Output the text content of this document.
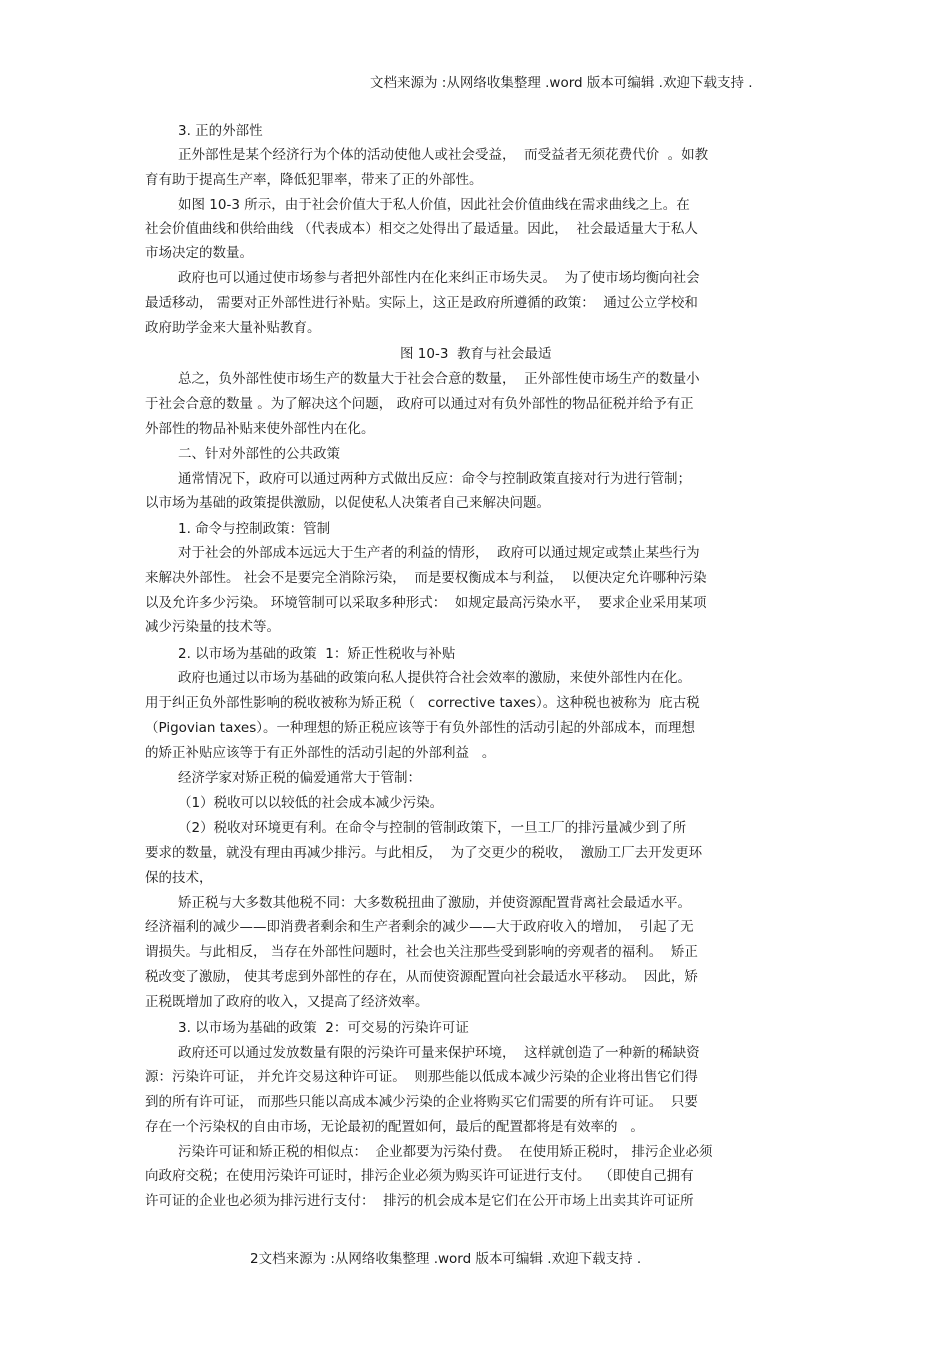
文档来源为 :从网络收集整理 .word 版本可编辑 .欢迎下载支持 .
3. 正的外部性
正外部性是某个经济行为个体的活动使他人或社会受益，  而受益者无须花费代价  。如教
育有助于提高生产率，降低犯罪率，带来了正的外部性。
如图 10-3 所示，由于社会价值大于私人价值，因此社会价值曲线在需求曲线之上。在
社会价值曲线和供给曲线 （代表成本）相交之处得出了最适量。因此，  社会最适量大于私人
市场决定的数量。
政府也可以通过使市场参与者把外部性内在化来纠正市场失灵。  为了使市场均衡向社会
最适移动， 需要对正外部性进行补贴。实际上，这正是政府所遵循的政策：  通过公立学校和
政府助学金来大量补贴教育。
图 10-3  教育与社会最适
总之，负外部性使市场生产的数量大于社会合意的数量，  正外部性使市场生产的数量小
于社会合意的数量 。为了解决这个问题， 政府可以通过对有负外部性的物品征税并给予有正
外部性的物品补贴来使外部性内在化。
二、针对外部性的公共政策
通常情况下，政府可以通过两种方式做出反应：命令与控制政策直接对行为进行管制；
以市场为基础的政策提供激励，以促使私人决策者自己来解决问题。
1. 命令与控制政策：管制
对于社会的外部成本远远大于生产者的利益的情形，  政府可以通过规定或禁止某些行为
来解决外部性。 社会不是要完全消除污染，  而是要权衡成本与利益，  以便决定允许哪种污染
以及允许多少污染。 环境管制可以采取多种形式：  如规定最高污染水平，  要求企业采用某项
减少污染量的技术等。
2. 以市场为基础的政策  1：矫正性税收与补贴
政府也通过以市场为基础的政策向私人提供符合社会效率的激励，来使外部性内在化。
用于纠正负外部性影响的税收被称为矫正税（   corrective taxes）。这种税也被称为  庇古税
（Pigovian taxes）。一种理想的矫正税应该等于有负外部性的活动引起的外部成本，而理想
的矫正补贴应该等于有正外部性的活动引起的外部利益   。
经济学家对矫正税的偏爱通常大于管制：
（1）税收可以以较低的社会成本减少污染。
（2）税收对环境更有利。在命令与控制的管制政策下，一旦工厂的排污量减少到了所
要求的数量，就没有理由再减少排污。与此相反，  为了交更少的税收，  激励工厂去开发更环
保的技术，
矫正税与大多数其他税不同：大多数税扭曲了激励，并使资源配置背离社会最适水平。
经济福利的减少——即消费者剩余和生产者剩余的减少——大于政府收入的增加，  引起了无
谓损失。与此相反， 当存在外部性问题时，社会也关注那些受到影响的旁观者的福利。  矫正
税改变了激励， 使其考虑到外部性的存在，从而使资源配置向社会最适水平移动。  因此，矫
正税既增加了政府的收入，又提高了经济效率。
3. 以市场为基础的政策  2：可交易的污染许可证
政府还可以通过发放数量有限的污染许可量来保护环境，  这样就创造了一种新的稀缺资
源：污染许可证， 并允许交易这种许可证。  则那些能以低成本减少污染的企业将出售它们得
到的所有许可证， 而那些只能以高成本减少污染的企业将购买它们需要的所有许可证。  只要
存在一个污染权的自由市场，无论最初的配置如何，最后的配置都将是有效率的   。
污染许可证和矫正税的相似点：  企业都要为污染付费。  在使用矫正税时， 排污企业必须
向政府交税；在使用污染许可证时，排污企业必须为购买许可证进行支付。  （即使自己拥有
许可证的企业也必须为排污进行支付：  排污的机会成本是它们在公开市场上出卖其许可证所
2文档来源为 :从网络收集整理 .word 版本可编辑 .欢迎下载支持 .
